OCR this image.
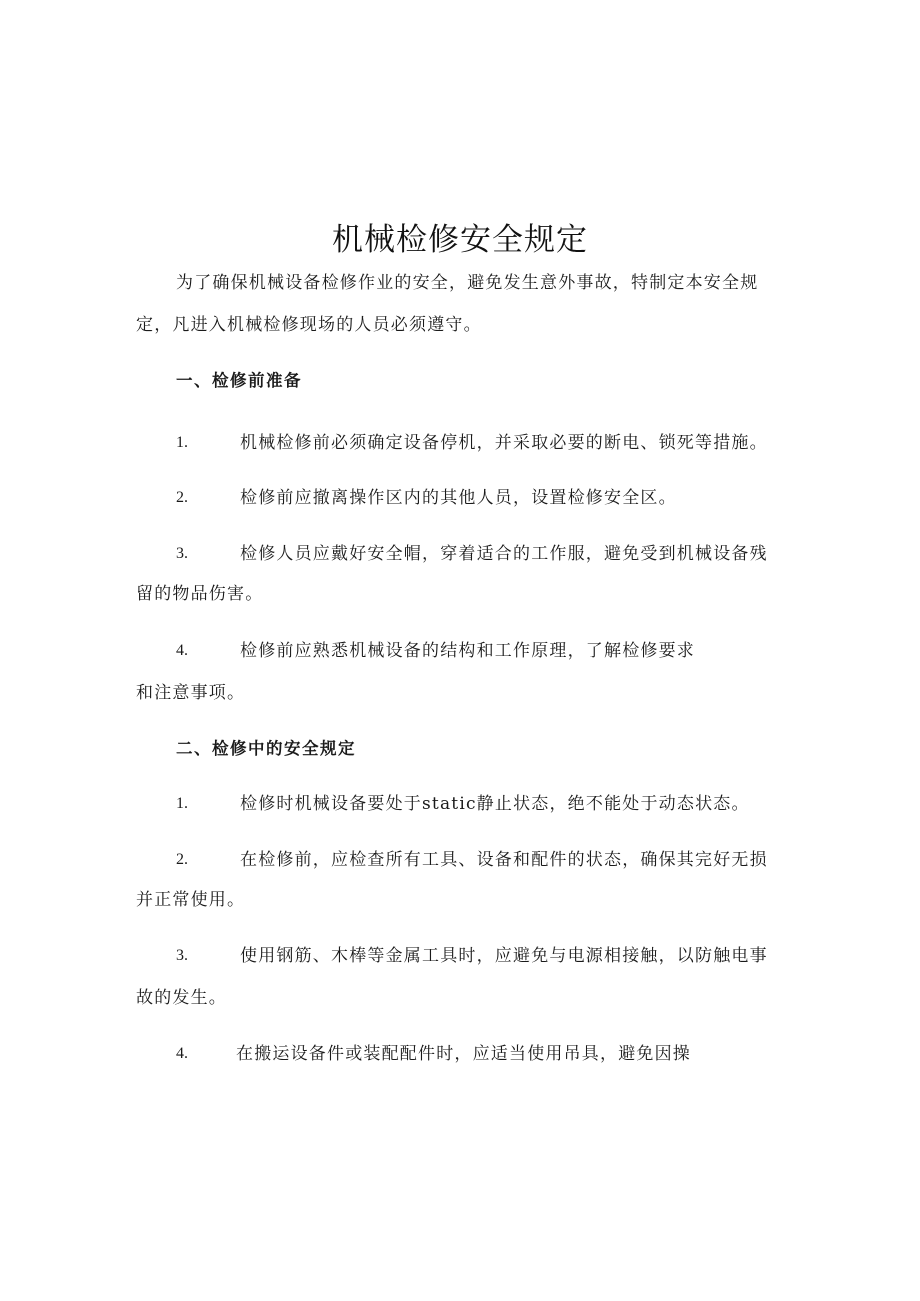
机械检修安全规定
为了确保机械设备检修作业的安全，避免发生意外事故，特制定本安全规
定，凡进入机械检修现场的人员必须遵守。
一、检修前准备
1.	机械检修前必须确定设备停机，并采取必要的断电、锁死等措施。
2.	检修前应撤离操作区内的其他人员，设置检修安全区。
3.	检修人员应戴好安全帽，穿着适合的工作服，避免受到机械设备残
留的物品伤害。
4.	检修前应熟悉机械设备的结构和工作原理，了解检修要求
和注意事项。
二、检修中的安全规定
1.	检修时机械设备要处于static静止状态，绝不能处于动态状态。
2.	在检修前，应检查所有工具、设备和配件的状态，确保其完好无损
并正常使用。
3.	使用钢筋、木棒等金属工具时，应避免与电源相接触，以防触电事
故的发生。
4.	在搬运设备件或装配配件时，应适当使用吊具，避免因操
